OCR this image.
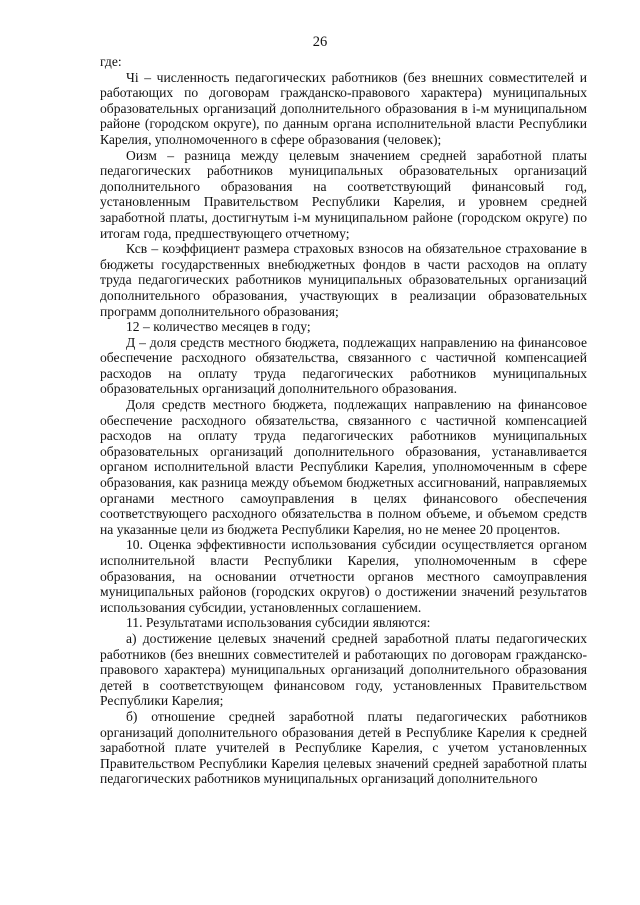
26

где:

Чi – численность педагогических работников (без внешних совместителей и работающих по договорам гражданско-правового характера) муниципальных образовательных организаций дополнительного образования в i-м муниципальном районе (городском округе), по данным органа исполнительной власти Республики Карелия, уполномоченного в сфере образования (человек);

Оизм – разница между целевым значением средней заработной платы педагогических работников муниципальных образовательных организаций дополнительного образования на соответствующий финансовый год, установленным Правительством Республики Карелия, и уровнем средней заработной платы, достигнутым i-м муниципальном районе (городском округе) по итогам года, предшествующего отчетному;

Ксв – коэффициент размера страховых взносов на обязательное страхование в бюджеты государственных внебюджетных фондов в части расходов на оплату труда педагогических работников муниципальных образовательных организаций дополнительного образования, участвующих в реализации образовательных программ дополнительного образования;

12 – количество месяцев в году;

Д – доля средств местного бюджета, подлежащих направлению на финансовое обеспечение расходного обязательства, связанного с частичной компенсацией расходов на оплату труда педагогических работников муниципальных образовательных организаций дополнительного образования.

Доля средств местного бюджета, подлежащих направлению на финансовое обеспечение расходного обязательства, связанного с частичной компенсацией расходов на оплату труда педагогических работников муниципальных образовательных организаций дополнительного образования, устанавливается органом исполнительной власти Республики Карелия, уполномоченным в сфере образования, как разница между объемом бюджетных ассигнований, направляемых органами местного самоуправления в целях финансового обеспечения соответствующего расходного обязательства в полном объеме, и объемом средств на указанные цели из бюджета Республики Карелия, но не менее 20 процентов.

10. Оценка эффективности использования субсидии осуществляется органом исполнительной власти Республики Карелия, уполномоченным в сфере образования, на основании отчетности органов местного самоуправления муниципальных районов (городских округов) о достижении значений результатов использования субсидии, установленных соглашением.

11. Результатами использования субсидии являются:

а) достижение целевых значений средней заработной платы педагогических работников (без внешних совместителей и работающих по договорам гражданско-правового характера) муниципальных организаций дополнительного образования детей в соответствующем финансовом году, установленных Правительством Республики Карелия;

б) отношение средней заработной платы педагогических работников организаций дополнительного образования детей в Республике Карелия к средней заработной плате учителей в Республике Карелия, с учетом установленных Правительством Республики Карелия целевых значений средней заработной платы педагогических работников муниципальных организаций дополнительного
